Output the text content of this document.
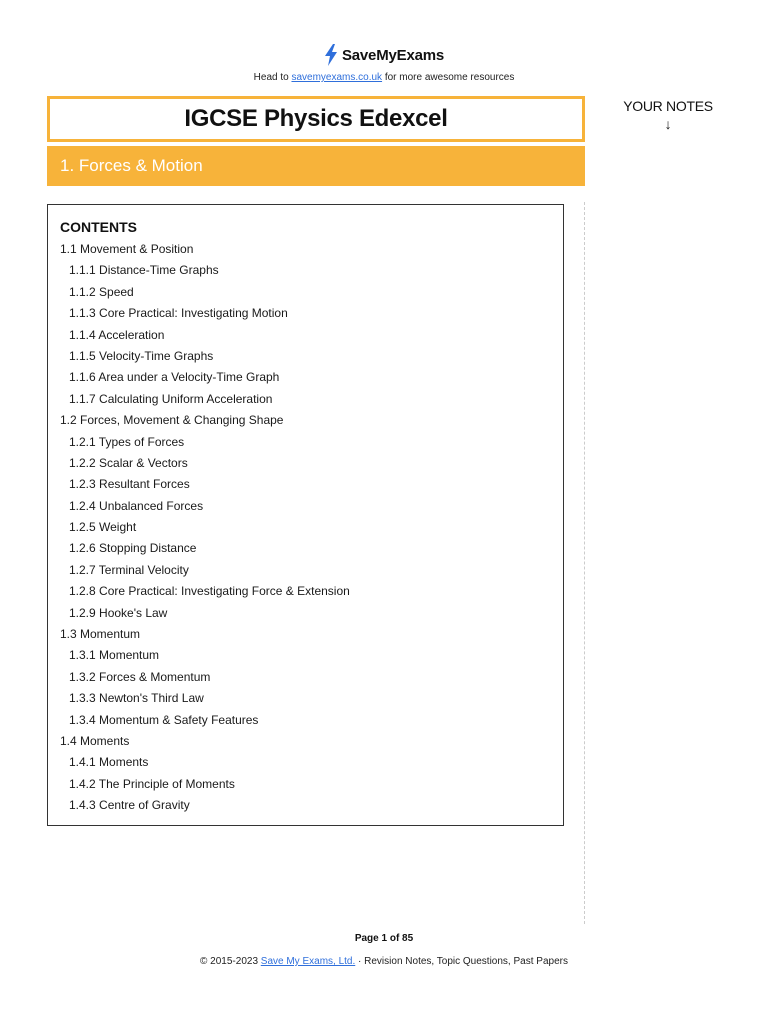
SaveMyExams
Head to savemyexams.co.uk for more awesome resources
IGCSE Physics Edexcel	YOUR NOTES
↓
1. Forces & Motion
CONTENTS
1.1 Movement & Position
1.1.1 Distance-Time Graphs
1.1.2 Speed
1.1.3 Core Practical: Investigating Motion
1.1.4 Acceleration
1.1.5 Velocity-Time Graphs
1.1.6 Area under a Velocity-Time Graph
1.1.7 Calculating Uniform Acceleration
1.2 Forces, Movement & Changing Shape
1.2.1 Types of Forces
1.2.2 Scalar & Vectors
1.2.3 Resultant Forces
1.2.4 Unbalanced Forces
1.2.5 Weight
1.2.6 Stopping Distance
1.2.7 Terminal Velocity
1.2.8 Core Practical: Investigating Force & Extension
1.2.9 Hooke's Law
1.3 Momentum
1.3.1 Momentum
1.3.2 Forces & Momentum
1.3.3 Newton's Third Law
1.3.4 Momentum & Safety Features
1.4 Moments
1.4.1 Moments
1.4.2 The Principle of Moments
1.4.3 Centre of Gravity
Page 1 of 85
© 2015-2023 Save My Exams, Ltd. · Revision Notes, Topic Questions, Past Papers
